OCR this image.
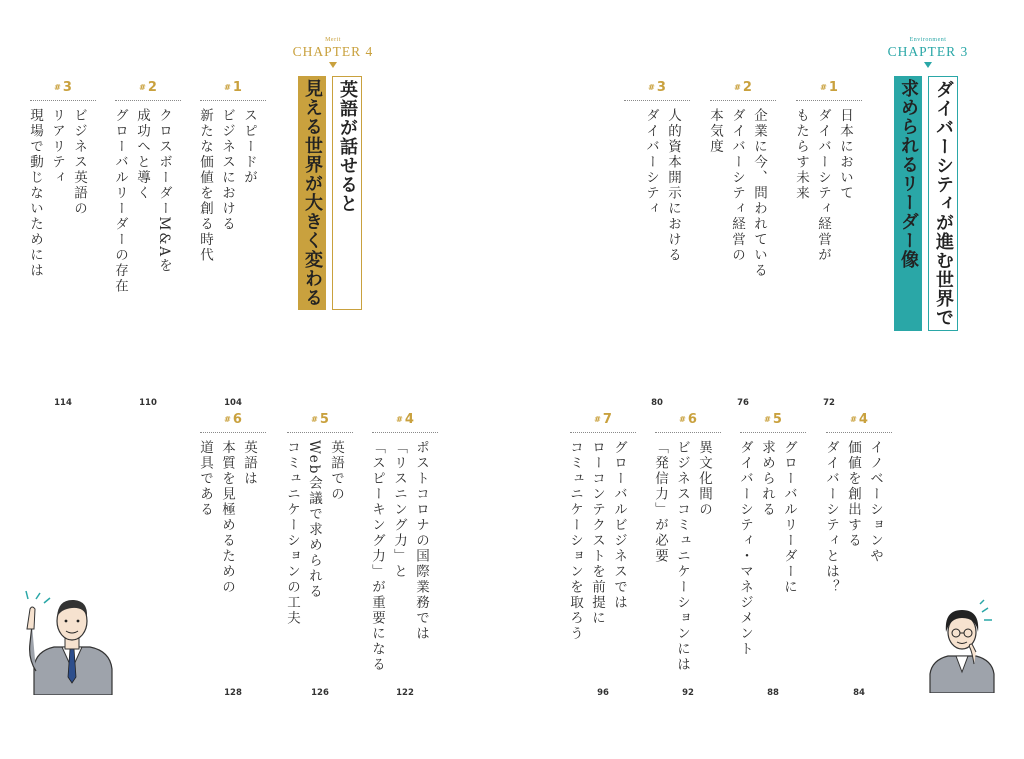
Merit
CHAPTER 4
英語が話せると
見える世界が大きく変わる
Environment
CHAPTER 3
ダイバーシティが進む世界で
求められるリーダー像
# 1
スピードが
ビジネスにおける
新たな価値を創る時代
104
# 2
クロスボーダーM&Aを
成功へと導く
グローバルリーダーの存在
110
# 3
ビジネス英語の
リアリティ
現場で動じないためには
114
# 4
ポストコロナの国際業務では
「リスニング力」と
「スピーキング力」が重要になる
122
# 5
英語での
Web会議で求められる
コミュニケーションの工夫
126
# 6
英語は
本質を見極めるための
道具である
128
# 1
日本において
ダイバーシティ経営が
もたらす未来
72
# 2
企業に今、問われている
ダイバーシティ経営の
本気度
76
# 3
人的資本開示における
ダイバーシティ
80
# 4
イノベーションや
価値を創出する
ダイバーシティとは？
84
# 5
グローバルリーダーに
求められる
ダイバーシティ・マネジメント
88
# 6
異文化間の
ビジネスコミュニケーションには
「発信力」が必要
92
# 7
グローバルビジネスでは
ローコンテクストを前提に
コミュニケーションを取ろう
96
